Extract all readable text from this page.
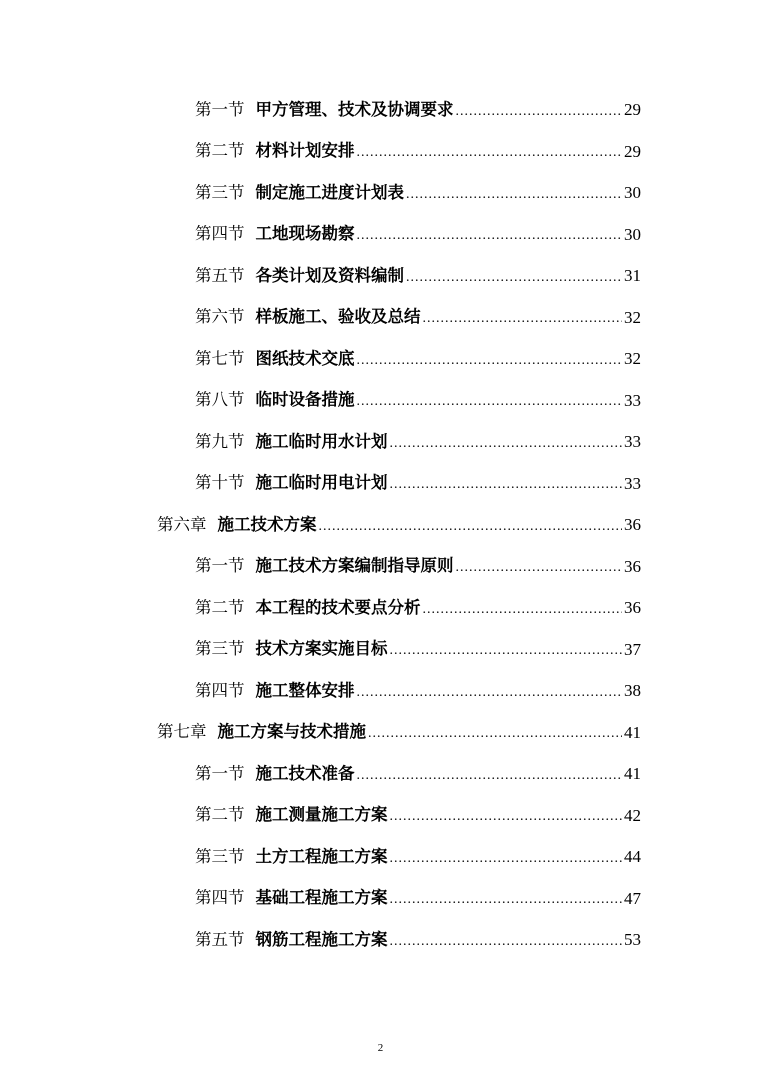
第一节 甲方管理、技术及协调要求 .....	29
第二节 材料计划安排 .....	29
第三节 制定施工进度计划表 .....	30
第四节 工地现场勘察 .....	30
第五节 各类计划及资料编制 .....	31
第六节 样板施工、验收及总结 .....	32
第七节 图纸技术交底 .....	32
第八节 临时设备措施 .....	33
第九节 施工临时用水计划 .....	33
第十节 施工临时用电计划 .....	33
第六章 施工技术方案 .....	36
第一节 施工技术方案编制指导原则 .....	36
第二节 本工程的技术要点分析 .....	36
第三节 技术方案实施目标 .....	37
第四节 施工整体安排 .....	38
第七章 施工方案与技术措施 .....	41
第一节 施工技术准备 .....	41
第二节 施工测量施工方案 .....	42
第三节 土方工程施工方案 .....	44
第四节 基础工程施工方案 .....	47
第五节 钢筋工程施工方案 .....	53
2
